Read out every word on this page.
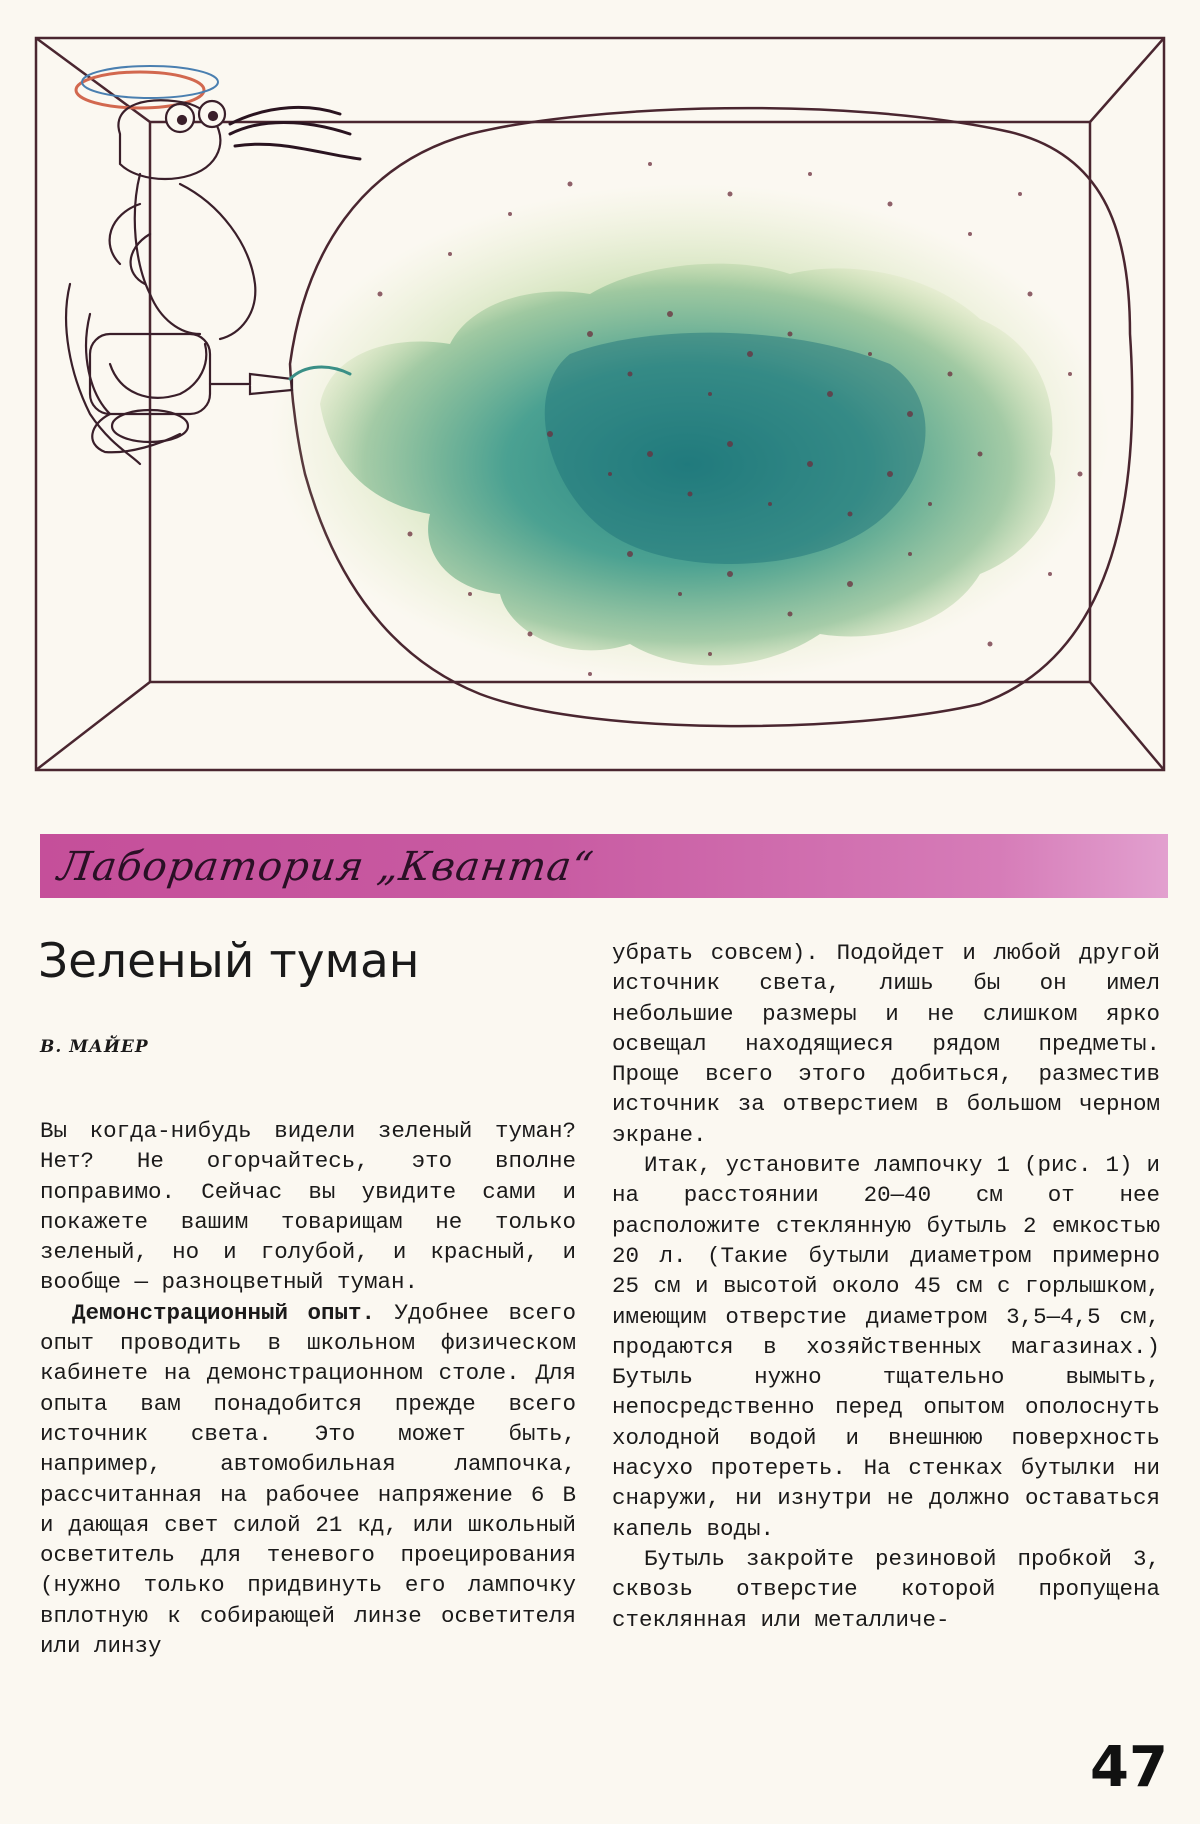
Лаборатория „Кванта“
Зеленый туман

В. МАЙЕР

Вы когда-нибудь видели зеленый туман? Нет? Не огорчайтесь, это вполне поправимо. Сейчас вы увидите сами и покажете вашим товарищам не только зеленый, но и голубой, и красный, и вообще — разноцветный туман.

Демонстрационный опыт. Удобнее всего опыт проводить в школьном физическом кабинете на демонстрационном столе. Для опыта вам понадобится прежде всего источник света. Это может быть, например, автомобильная лампочка, рассчитанная на рабочее напряжение 6 В и дающая свет силой 21 кд, или школьный осветитель для теневого проецирования (нужно только придвинуть его лампочку вплотную к собирающей линзе осветителя или линзу

убрать совсем). Подойдет и любой другой источник света, лишь бы он имел небольшие размеры и не слишком ярко освещал находящиеся рядом предметы. Проще всего этого добиться, разместив источник за отверстием в большом черном экране.

Итак, установите лампочку 1 (рис. 1) и на расстоянии 20—40 см от нее расположите стеклянную бутыль 2 емкостью 20 л. (Такие бутыли диаметром примерно 25 см и высотой около 45 см с горлышком, имеющим отверстие диаметром 3,5—4,5 см, продаются в хозяйственных магазинах.) Бутыль нужно тщательно вымыть, непосредственно перед опытом ополоснуть холодной водой и внешнюю поверхность насухо протереть. На стенках бутылки ни снаружи, ни изнутри не должно оставаться капель воды.

Бутыль закройте резиновой пробкой 3, сквозь отверстие которой пропущена стеклянная или металличе-

47
